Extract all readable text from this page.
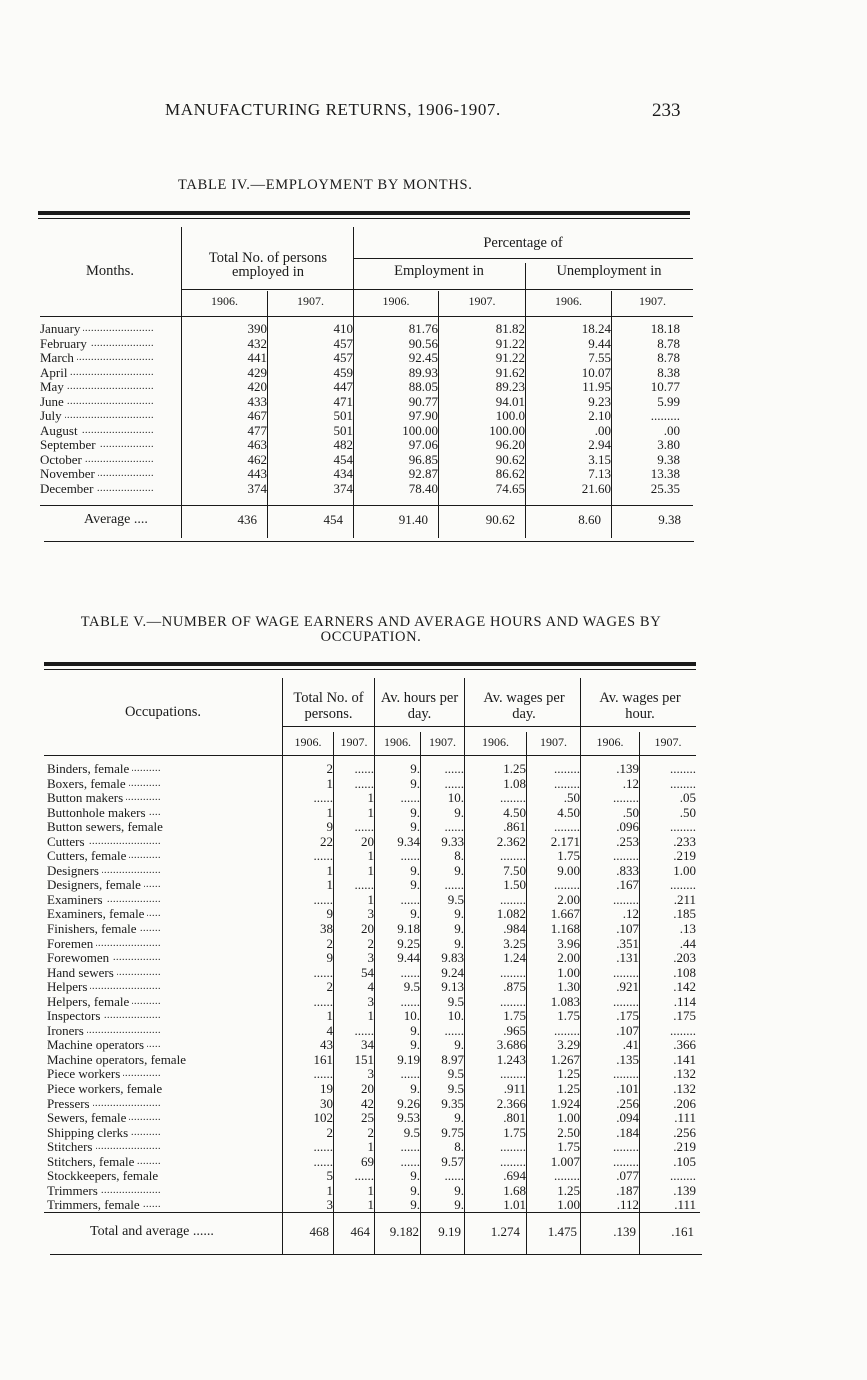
MANUFACTURING RETURNS, 1906-1907.	233
TABLE IV.—EMPLOYMENT BY MONTHS.
Months.
Total No. of persons employed in
Percentage of
Employment in	Unemployment in
1906.	1907.	1906.	1907.	1906.	1907.
January . . .	390	410	81.76	81.82	18.24	18.18
February . . .	432	457	90.56	91.22	9.44	8.78
March . . .	441	457	92.45	91.22	7.55	8.78
April . . .	429	459	89.93	91.62	10.07	8.38
May . . .	420	447	88.05	89.23	11.95	10.77
June . . .	433	471	90.77	94.01	9.23	5.99
July . . .	467	501	97.90	100.0	2.10	.........
August . . .	477	501	100.00	100.00	.00	.00
September . . .	463	482	97.06	96.20	2.94	3.80
October . . .	462	454	96.85	90.62	3.15	9.38
November . . .	443	434	92.87	86.62	7.13	13.38
December . . .	374	374	78.40	74.65	21.60	25.35
Average ....	436	454	91.40	90.62	8.60	9.38
TABLE V.—NUMBER OF WAGE EARNERS AND AVERAGE HOURS AND WAGES BY OCCUPATION.
Occupations.
Total No. of persons.
Av. hours per day.
Av. wages per day.
Av. wages per hour.
1906.	1907.	1906.	1907.	1906.	1907.	1906.	1907.
Binders, female . . .	2	......	9.	......	1.25	........	.139	........
Boxers, female . . .	1	......	9.	......	1.08	........	.12	........
Button makers . . .	......	1	......	10.	........	.50	........	.05
Buttonhole makers . . .	1	1	9.	9.	4.50	4.50	.50	.50
Button sewers, female . . .	9	......	9.	......	.861	........	.096	........
Cutters . . .	22	20	9.34	9.33	2.362	2.171	.253	.233
Cutters, female . . .	......	1	......	8.	........	1.75	........	.219
Designers . . .	1	1	9.	9.	7.50	9.00	.833	1.00
Designers, female . . .	1	......	9.	......	1.50	........	.167	........
Examiners . . .	......	1	......	9.5	........	2.00	........	.211
Examiners, female . . .	9	3	9.	9.	1.082	1.667	.12	.185
Finishers, female . . .	38	20	9.18	9.	.984	1.168	.107	.13
Foremen . . .	2	2	9.25	9.	3.25	3.96	.351	.44
Forewomen . . .	9	3	9.44	9.83	1.24	2.00	.131	.203
Hand sewers . . .	......	54	......	9.24	........	1.00	........	.108
Helpers . . .	2	4	9.5	9.13	.875	1.30	.921	.142
Helpers, female . . .	......	3	......	9.5	........	1.083	........	.114
Inspectors . . .	1	1	10.	10.	1.75	1.75	.175	.175
Ironers . . .	4	......	9.	......	.965	........	.107	........
Machine operators . . .	43	34	9.	9.	3.686	3.29	.41	.366
Machine operators, female . . .	161	151	9.19	8.97	1.243	1.267	.135	.141
Piece workers . . .	......	3	......	9.5	........	1.25	........	.132
Piece workers, female . . .	19	20	9.	9.5	.911	1.25	.101	.132
Pressers . . .	30	42	9.26	9.35	2.366	1.924	.256	.206
Sewers, female . . .	102	25	9.53	9.	.801	1.00	.094	.111
Shipping clerks . . .	2	2	9.5	9.75	1.75	2.50	.184	.256
Stitchers . . .	......	1	......	8.	........	1.75	........	.219
Stitchers, female . . .	......	69	......	9.57	........	1.007	........	.105
Stockkeepers, female . . .	5	......	9.	......	.694	........	.077	........
Trimmers . . .	1	1	9.	9.	1.68	1.25	.187	.139
Trimmers, female . . .	3	1	9.	9.	1.01	1.00	.112	.111
Total and average ......	468	464	9.182	9.19	1.274	1.475	.139	.161
